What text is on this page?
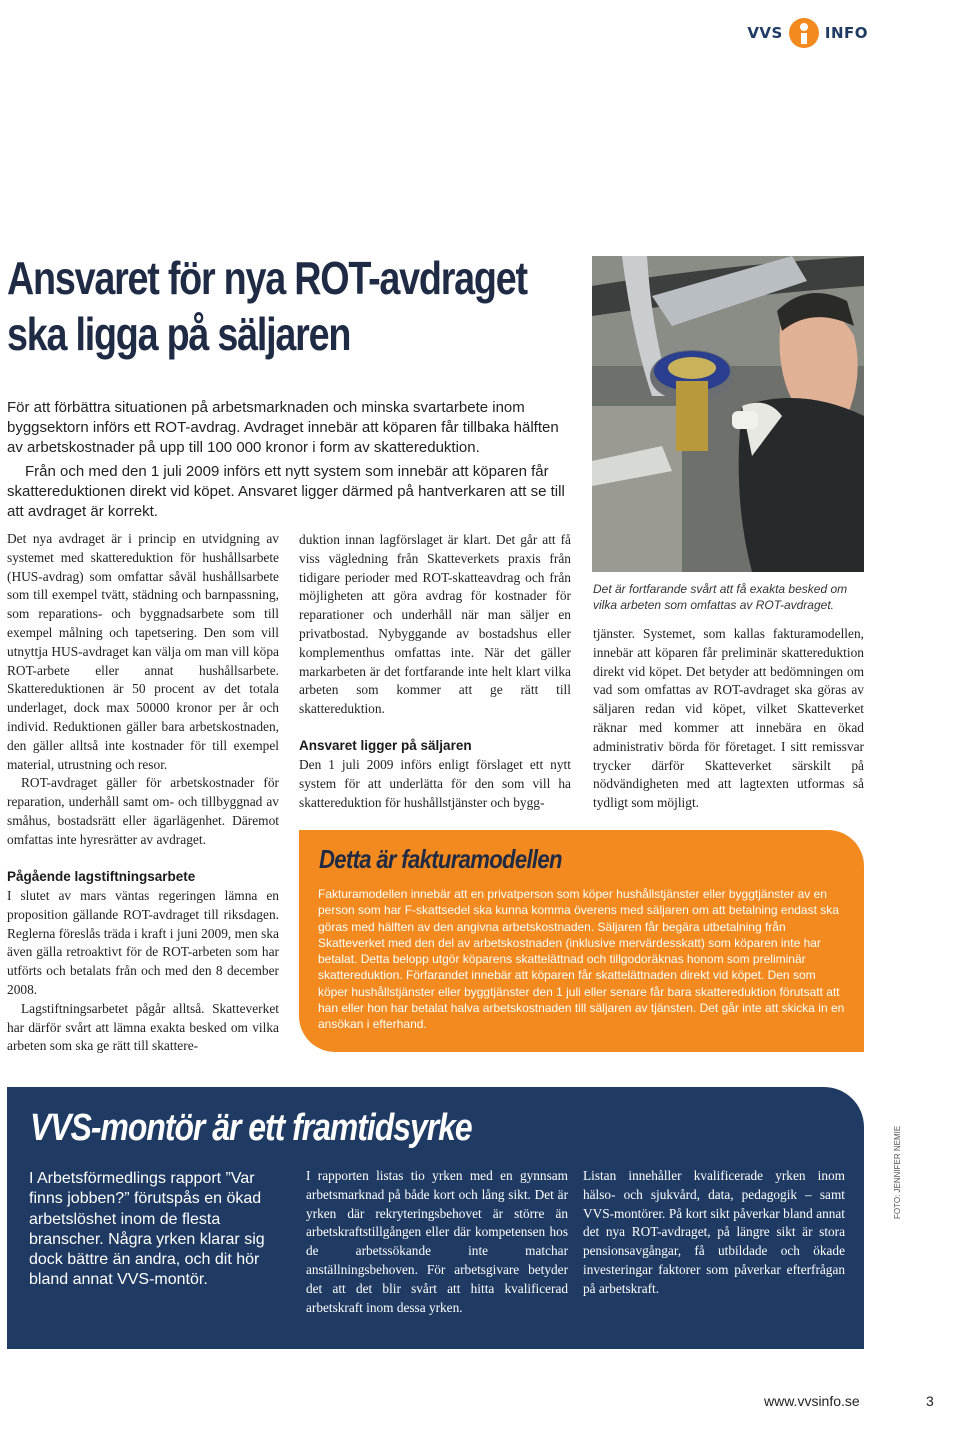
VVS	INFO
Ansvaret för nya ROT-avdraget
ska ligga på säljaren
För att förbättra situationen på arbetsmarknaden och minska svartarbete inom byggsektorn införs ett ROT-avdrag. Avdraget innebär att köparen får tillbaka hälften av arbetskostnader på upp till 100 000 kronor i form av skattereduktion.
Från och med den 1 juli 2009 införs ett nytt system som innebär att köparen får skattereduktionen direkt vid köpet. Ansvaret ligger därmed på hantverkaren att se till att avdraget är korrekt.
Det är fortfarande svårt att få exakta besked om vilka arbeten som omfattas av ROT-avdraget.

Det nya avdraget är i princip en utvidgning av systemet med skattereduktion för hushållsarbete (HUS-avdrag) som omfattar såväl hushållsarbete som till exempel tvätt, städning och barnpassning, som reparations- och byggnadsarbete som till exempel målning och tapetsering. Den som vill utnyttja HUS-avdraget kan välja om man vill köpa ROT-arbete eller annat hushållsarbete. Skattereduktionen är 50 procent av det totala underlaget, dock max 50000 kronor per år och individ. Reduktionen gäller bara arbetskostnaden, den gäller alltså inte kostnader för till exempel material, utrustning och resor.

ROT-avdraget gäller för arbetskostnader för reparation, underhåll samt om- och tillbyggnad av småhus, bostadsrätt eller ägarlägenhet. Däremot omfattas inte hyresrätter av avdraget.

Pågående lagstiftningsarbete

I slutet av mars väntas regeringen lämna en proposition gällande ROT-avdraget till riksdagen. Reglerna föreslås träda i kraft i juni 2009, men ska även gälla retroaktivt för de ROT-arbeten som har utförts och betalats från och med den 8 december 2008.

Lagstiftningsarbetet pågår alltså. Skatteverket har därför svårt att lämna exakta besked om vilka arbeten som ska ge rätt till skattere-

duktion innan lagförslaget är klart. Det går att få viss vägledning från Skatteverkets praxis från tidigare perioder med ROT-skatteavdrag och från möjligheten att göra avdrag för kostnader för reparationer och underhåll när man säljer en privatbostad. Nybyggande av bostadshus eller komplementhus omfattas inte. När det gäller markarbeten är det fortfarande inte helt klart vilka arbeten som kommer att ge rätt till skattereduktion.

Ansvaret ligger på säljaren

Den 1 juli 2009 införs enligt förslaget ett nytt system för att underlätta för den som vill ha skattereduktion för hushållstjänster och bygg-

tjänster. Systemet, som kallas fakturamodellen, innebär att köparen får preliminär skattereduktion direkt vid köpet. Det betyder att bedömningen om vad som omfattas av ROT-avdraget ska göras av säljaren redan vid köpet, vilket Skatteverket räknar med kommer att innebära en ökad administrativ börda för företaget. I sitt remissvar trycker därför Skatteverket särskilt på nödvändigheten med att lagtexten utformas så tydligt som möjligt.

Detta är fakturamodellen
Fakturamodellen innebär att en privatperson som köper hushållstjänster eller byggtjänster av en person som har F-skattsedel ska kunna komma överens med säljaren om att betalning endast ska göras med hälften av den angivna arbetskostnaden. Säljaren får begära utbetalning från Skatteverket med den del av arbetskostnaden (inklusive mervärdesskatt) som köparen inte har betalat. Detta belopp utgör köparens skattelättnad och tillgodoräknas honom som preliminär skattereduktion. Förfarandet innebär att köparen får skattelättnaden direkt vid köpet. Den som köper hushållstjänster eller byggtjänster den 1 juli eller senare får bara skattereduktion förutsatt att han eller hon har betalat halva arbetskostnaden till säljaren av tjänsten. Det går inte att skicka in en ansökan i efterhand.
VVS-montör är ett framtidsyrke
I Arbetsförmedlings rapport ”Var finns jobben?” förutspås en ökad arbetslöshet inom de flesta branscher. Några yrken klarar sig dock bättre än andra, och dit hör bland annat VVS-montör.
I rapporten listas tio yrken med en gynnsam arbetsmarknad på både kort och lång sikt. Det är yrken där rekryteringsbehovet är större än arbetskraftstillgången eller där kompetensen hos de arbetssökande inte matchar anställningsbehoven. För arbetsgivare betyder det att det blir svårt att hitta kvalificerad arbetskraft inom dessa yrken.
Listan innehåller kvalificerade yrken inom hälso- och sjukvård, data, pedagogik – samt VVS-montörer. På kort sikt påverkar bland annat det nya ROT-avdraget, på längre sikt är stora pensionsavgångar, få utbildade och ökade investeringar faktorer som påverkar efterfrågan på arbetskraft.
FOTO: JENNIFER NEMIE
www.vvsinfo.se	3
